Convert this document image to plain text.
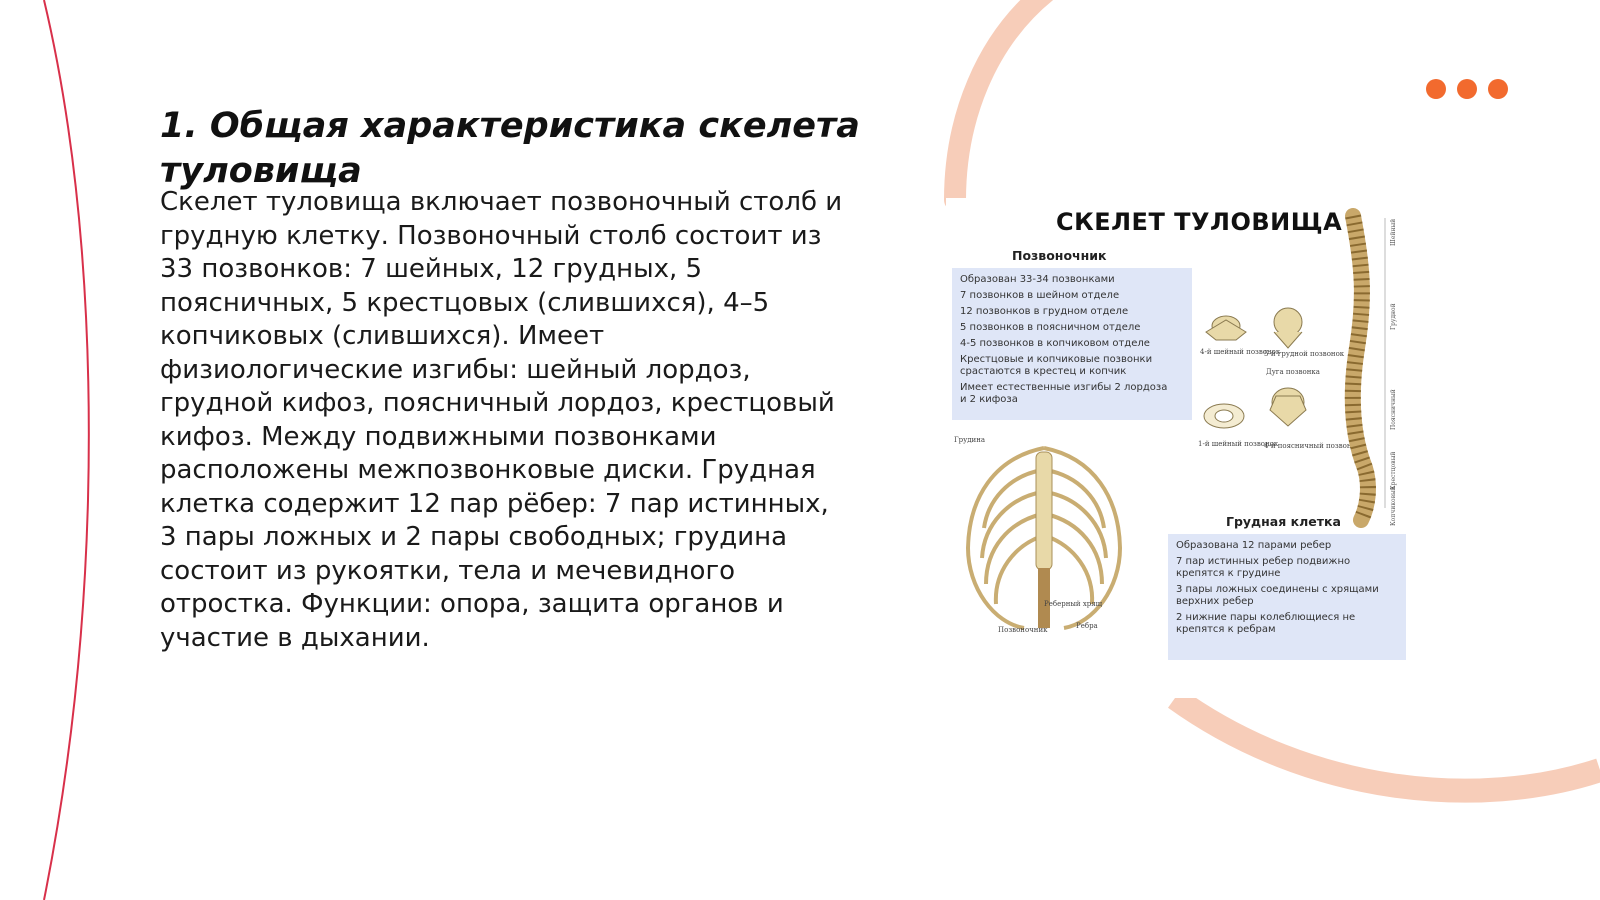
1. Общая характеристика скелета туловища

Скелет туловища включает позвоночный столб и грудную клетку. Позвоночный столб состоит из 33 позвонков: 7 шейных, 12 грудных, 5 поясничных, 5 крестцовых (слившихся), 4–5 копчиковых (слившихся). Имеет физиологические изгибы: шейный лордоз, грудной кифоз, поясничный лордоз, крестцовый кифоз. Между подвижными позвонками расположены межпозвонковые диски. Грудная клетка содержит 12 пар рёбер: 7 пар истинных, 3 пары ложных и 2 пары свободных; грудина состоит из рукоятки, тела и мечевидного отростка. Функции: опора, защита органов и участие в дыхании.

СКЕЛЕТ ТУЛОВИЩА
Позвоночник

Образован 33-34 позвонками

7 позвонков в шейном отделе

12 позвонков в грудном отделе

5 позвонков в поясничном отделе

4-5 позвонков в копчиковом отделе

Крестцовые и копчиковые позвонки
срастаются в крестец и копчик

Имеет естественные изгибы 2 лордоза
и 2 кифоза

4-й шейный позвонок
5-й грудной позвонок
Дуга позвонка
1-й шейный позвонок
4-й поясничный позвонок
Шейный
Грудной
Поясничный
Крестцовый
Копчиковый
Грудина
Реберный хрящ
Ребра
Позвоночник
Грудная клетка

Образована 12 парами ребер

7 пар истинных ребер подвижно
крепятся к грудине

3 пары ложных соединены с хрящами
верхних ребер

2 нижние пары колеблющиеся не
крепятся к ребрам
